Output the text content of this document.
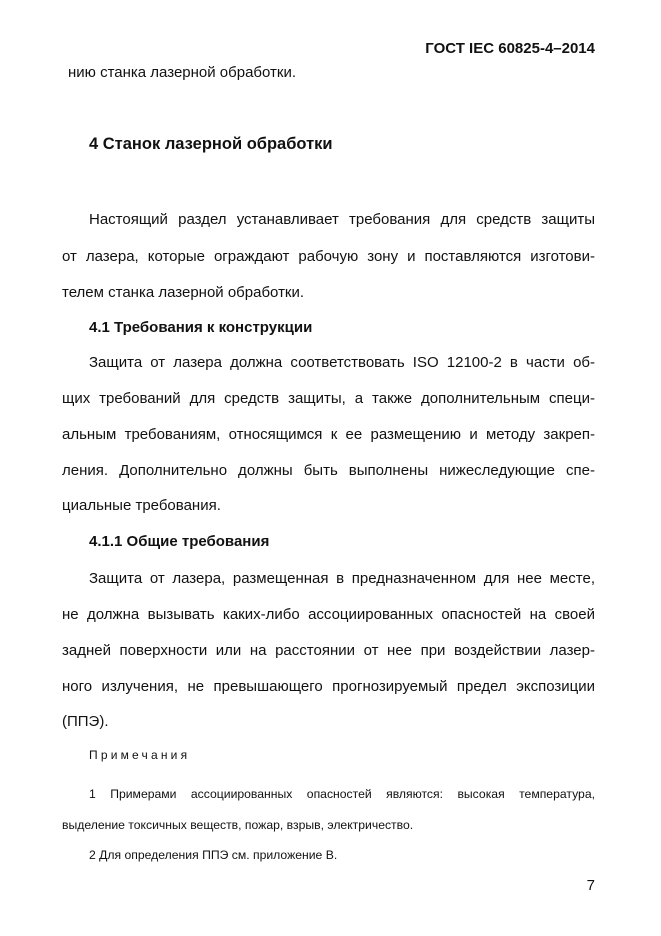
ГОСТ IEC 60825-4–2014
нию станка лазерной обработки.
4 Станок лазерной обработки
Настоящий раздел устанавливает требования для средств защиты
от лазера, которые ограждают рабочую зону и поставляются изготови-
телем станка лазерной обработки.
4.1 Требования к конструкции
Защита от лазера должна соответствовать ISO 12100-2 в части об-
щих требований для средств защиты, а также дополнительным специ-
альным требованиям, относящимся к ее размещению и методу закреп-
ления. Дополнительно должны быть выполнены нижеследующие спе-
циальные требования.
4.1.1 Общие требования
Защита от лазера, размещенная в предназначенном для нее месте,
не должна вызывать каких-либо ассоциированных опасностей на своей
задней поверхности или на расстоянии от нее при воздействии лазер-
ного излучения, не превышающего прогнозируемый предел экспозиции
(ППЭ).
Примечания
1 Примерами ассоциированных опасностей являются: высокая температура,
выделение токсичных веществ, пожар, взрыв, электричество.
2 Для определения ППЭ см. приложение В.
7
